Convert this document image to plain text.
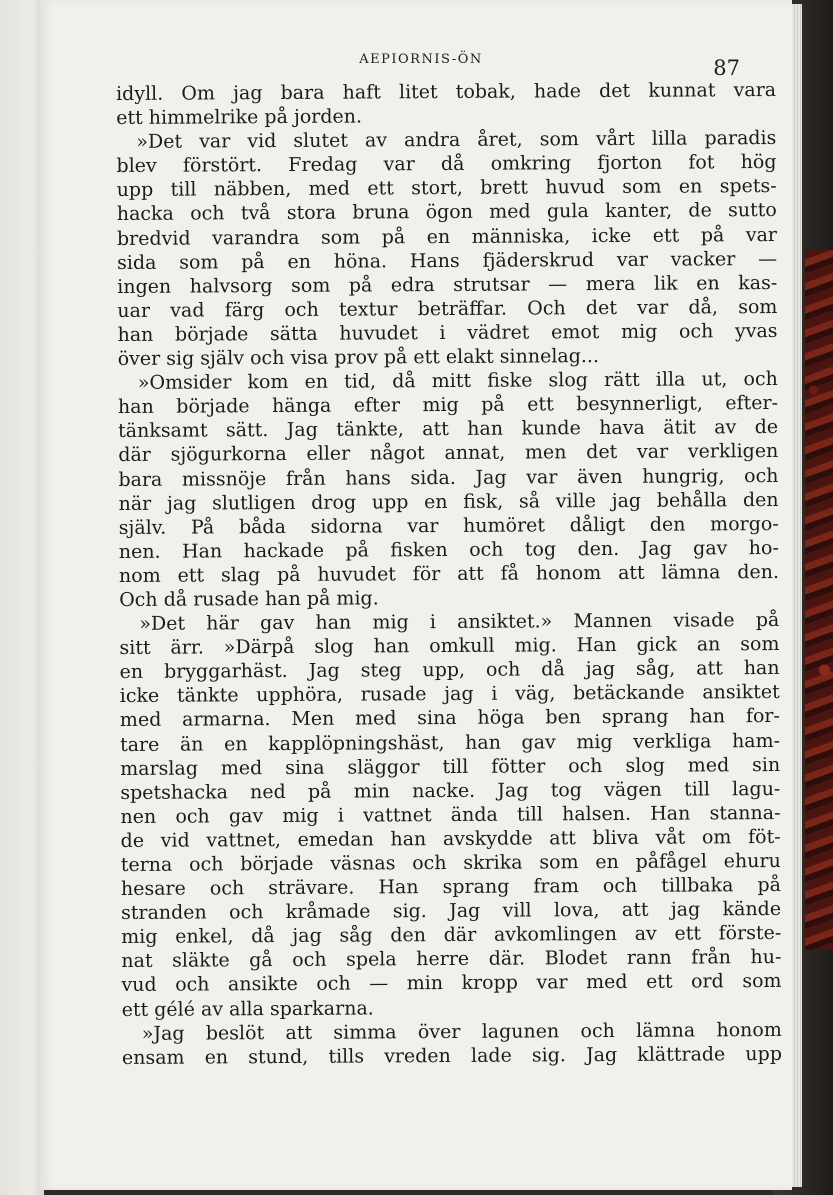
AEPIORNIS-ÖN	87
idyll. Om jag bara haft litet tobak, hade det kunnat vara
ett himmelrike på jorden.
»Det var vid slutet av andra året, som vårt lilla paradis
blev förstört. Fredag var då omkring fjorton fot hög
upp till näbben, med ett stort, brett huvud som en spets-
hacka och två stora bruna ögon med gula kanter, de sutto
bredvid varandra som på en människa, icke ett på var
sida som på en höna. Hans fjäderskrud var vacker —
ingen halvsorg som på edra strutsar — mera lik en kas-
uar vad färg och textur beträffar. Och det var då, som
han började sätta huvudet i vädret emot mig och yvas
över sig själv och visa prov på ett elakt sinnelag...
»Omsider kom en tid, då mitt fiske slog rätt illa ut, och
han började hänga efter mig på ett besynnerligt, efter-
tänksamt sätt. Jag tänkte, att han kunde hava ätit av de
där sjögurkorna eller något annat, men det var verkligen
bara missnöje från hans sida. Jag var även hungrig, och
när jag slutligen drog upp en fisk, så ville jag behålla den
själv. På båda sidorna var humöret dåligt den morgo-
nen. Han hackade på fisken och tog den. Jag gav ho-
nom ett slag på huvudet för att få honom att lämna den.
Och då rusade han på mig.
»Det här gav han mig i ansiktet.» Mannen visade på
sitt ärr. »Därpå slog han omkull mig. Han gick an som
en bryggarhäst. Jag steg upp, och då jag såg, att han
icke tänkte upphöra, rusade jag i väg, betäckande ansiktet
med armarna. Men med sina höga ben sprang han for-
tare än en kapplöpningshäst, han gav mig verkliga ham-
marslag med sina släggor till fötter och slog med sin
spetshacka ned på min nacke. Jag tog vägen till lagu-
nen och gav mig i vattnet ända till halsen. Han stanna-
de vid vattnet, emedan han avskydde att bliva våt om föt-
terna och började väsnas och skrika som en påfågel ehuru
hesare och strävare. Han sprang fram och tillbaka på
stranden och kråmade sig. Jag vill lova, att jag kände
mig enkel, då jag såg den där avkomlingen av ett förste-
nat släkte gå och spela herre där. Blodet rann från hu-
vud och ansikte och — min kropp var med ett ord som
ett gélé av alla sparkarna.
»Jag beslöt att simma över lagunen och lämna honom
ensam en stund, tills vreden lade sig. Jag klättrade upp
